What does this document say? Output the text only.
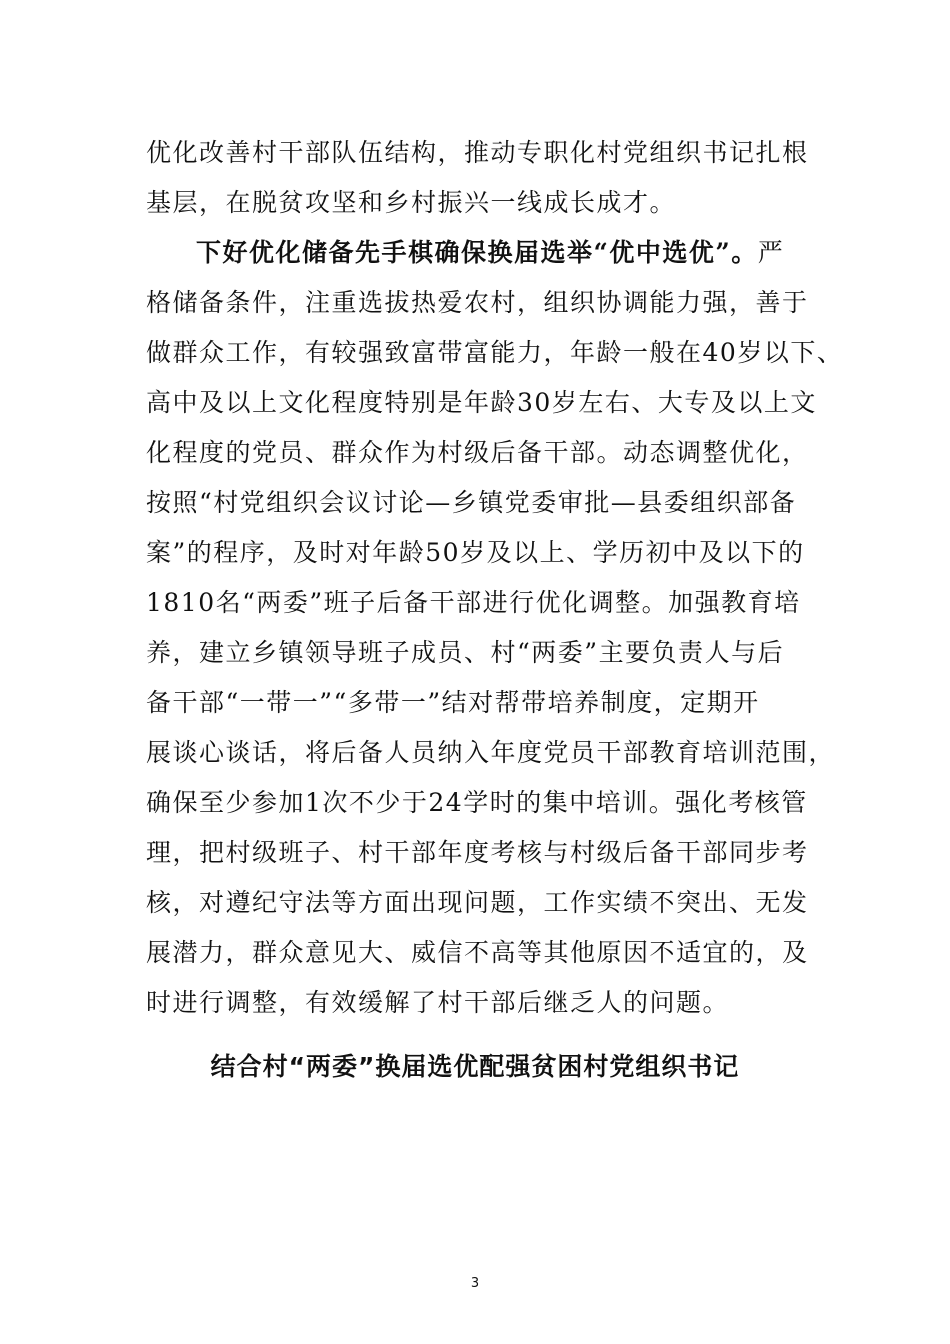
优化改善村干部队伍结构，推动专职化村党组织书记扎根
基层，在脱贫攻坚和乡村振兴一线成长成才。
下好优化储备先手棋确保换届选举“优中选优”。严
格储备条件，注重选拔热爱农村，组织协调能力强，善于
做群众工作，有较强致富带富能力，年龄一般在40岁以下、
高中及以上文化程度特别是年龄30岁左右、大专及以上文
化程度的党员、群众作为村级后备干部。动态调整优化，
按照“村党组织会议讨论—乡镇党委审批—县委组织部备
案”的程序，及时对年龄50岁及以上、学历初中及以下的
1810名“两委”班子后备干部进行优化调整。加强教育培
养，建立乡镇领导班子成员、村“两委”主要负责人与后
备干部“一带一”“多带一”结对帮带培养制度，定期开
展谈心谈话，将后备人员纳入年度党员干部教育培训范围，
确保至少参加1次不少于24学时的集中培训。强化考核管
理，把村级班子、村干部年度考核与村级后备干部同步考
核，对遵纪守法等方面出现问题，工作实绩不突出、无发
展潜力，群众意见大、威信不高等其他原因不适宜的，及
时进行调整，有效缓解了村干部后继乏人的问题。
结合村“两委”换届选优配强贫困村党组织书记
3
